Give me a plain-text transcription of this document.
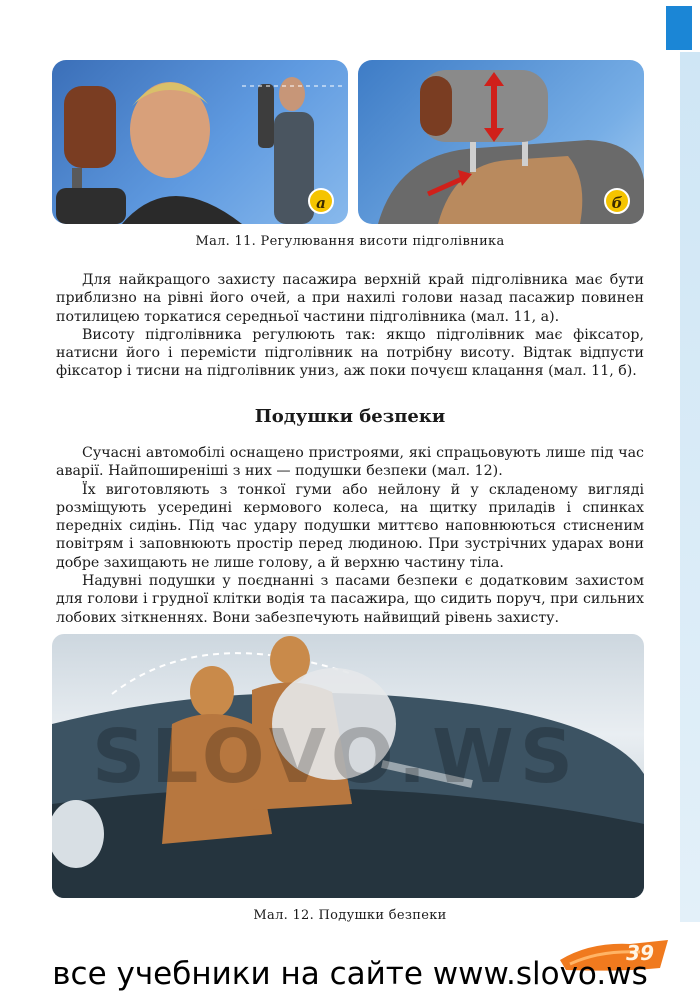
а	б
Мал. 11. Регулювання висоти підголівника

Для найкращого захисту пасажира верхній край підголівника має бути приблизно на рівні його очей, а при нахилі голови назад пасажир повинен потилицею торкатися середньої частини підголівника (мал. 11, а).

Висоту підголівника регулюють так: якщо підголівник має фіксатор, натисни його і перемісти підголівник на потрібну висоту. Відтак відпусти фіксатор і тисни на підголівник униз, аж поки почуєш клацання (мал. 11, б).

Подушки безпеки

Сучасні автомобілі оснащено пристроями, які спрацьовують лише під час аварії. Найпоширеніші з них — подушки безпеки (мал. 12).

Їх виготовляють з тонкої гуми або нейлону й у складеному вигляді розміщують усередині кермового колеса, на щитку приладів і спинках передніх сидінь. Під час удару подушки миттєво наповнюються стисненим повітрям і заповнюють простір перед людиною. При зустрічних ударах вони добре захищають не лише голову, а й верхню частину тіла.

Надувні подушки у поєднанні з пасами безпеки є додатковим захистом для голови і грудної клітки водія та пасажира, що сидить поруч, при сильних лобових зіткненнях. Вони забезпечують найвищий рівень захисту.

SLOVO.WS
Мал. 12. Подушки безпеки
39
все учебники на сайте www.slovo.ws
